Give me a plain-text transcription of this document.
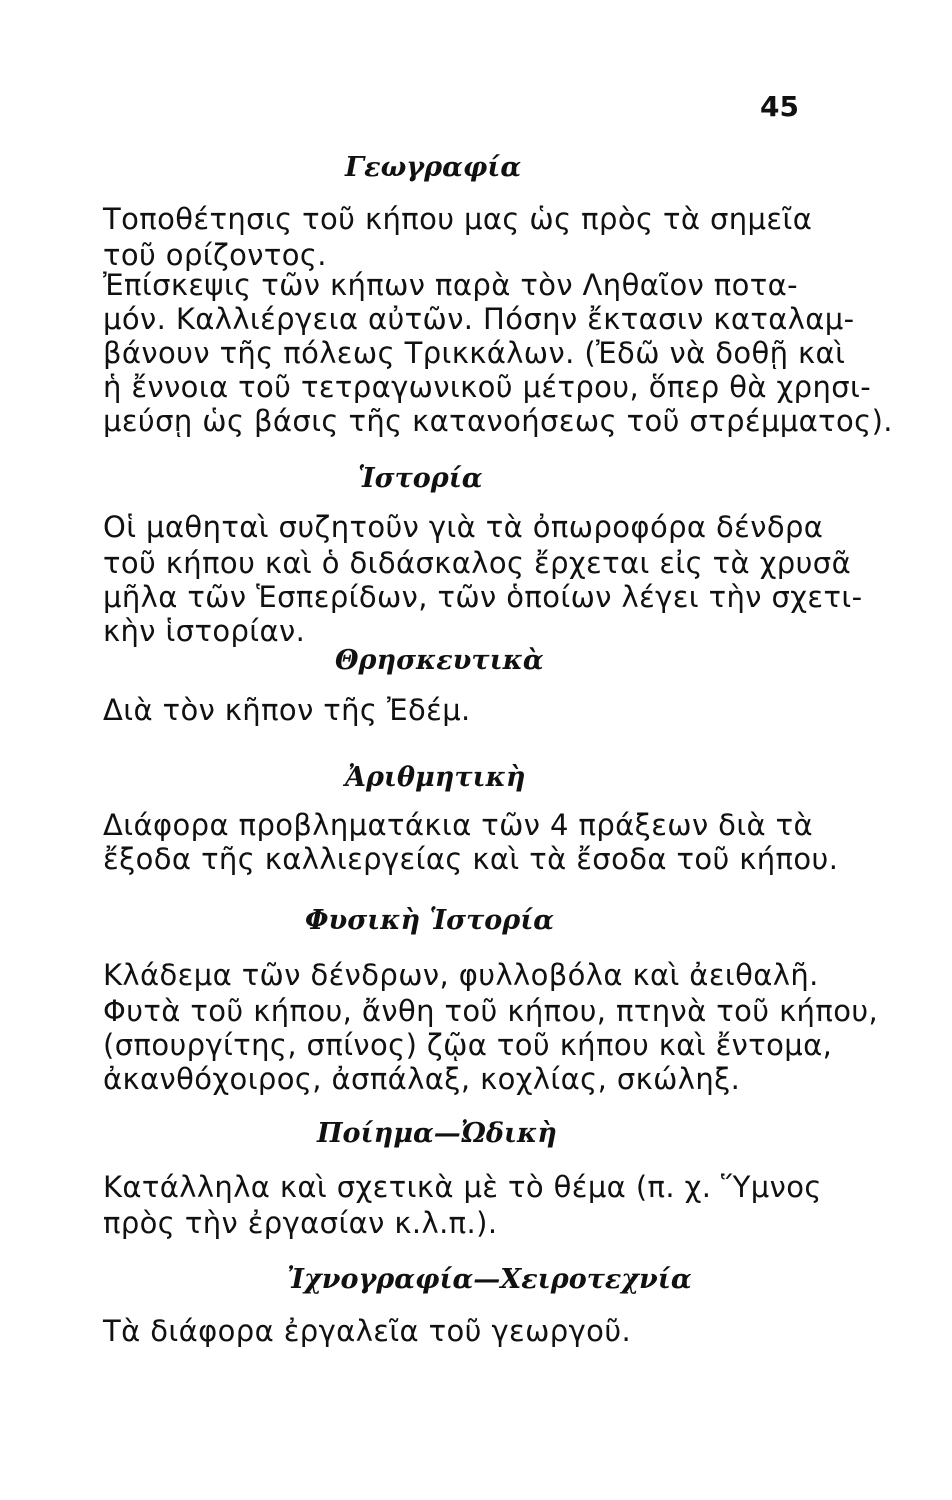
45
Γεωγραφία
Τοποθέτησις τοῦ κήπου μας ὡς πρὸς τὰ σημεῖα
τοῦ ορίζοντος.
Ἐπίσκεψις τῶν κήπων παρὰ τὸν Ληθαῖον ποτα-
μόν. Καλλιέργεια αὐτῶν. Πόσην ἔκτασιν καταλαμ-
βάνουν τῆς πόλεως Τρικκάλων. (Ἐδῶ νὰ δοθῇ καὶ
ἡ ἔννοια τοῦ τετραγωνικοῦ μέτρου, ὅπερ θὰ χρησι-
μεύσῃ ὡς βάσις τῆς κατανοήσεως τοῦ στρέμματος).
Ἱστορία
Οἱ μαθηταὶ συζητοῦν γιὰ τὰ ὀπωροφόρα δένδρα
τοῦ κήπου καὶ ὁ διδάσκαλος ἔρχεται εἰς τὰ χρυσᾶ
μῆλα τῶν Ἑσπερίδων, τῶν ὁποίων λέγει τὴν σχετι-
κὴν ἱστορίαν.
Θρησκευτικὰ
Διὰ τὸν κῆπον τῆς Ἐδέμ.
Ἀριθμητικὴ
Διάφορα προβληματάκια τῶν 4 πράξεων διὰ τὰ
ἔξοδα τῆς καλλιεργείας καὶ τὰ ἔσοδα τοῦ κήπου.
Φυσικὴ Ἱστορία
Κλάδεμα τῶν δένδρων, φυλλοβόλα καὶ ἀειθαλῆ.
Φυτὰ τοῦ κήπου, ἄνθη τοῦ κήπου, πτηνὰ τοῦ κήπου,
(σπουργίτης, σπίνος) ζῷα τοῦ κήπου καὶ ἔντομα,
ἀκανθόχοιρος, ἀσπάλαξ, κοχλίας, σκώληξ.
Ποίημα—Ὠδικὴ
Κατάλληλα καὶ σχετικὰ μὲ τὸ θέμα (π. χ. Ὕμνος
πρὸς τὴν ἐργασίαν κ.λ.π.).
Ἰχνογραφία—Χειροτεχνία
Τὰ διάφορα ἐργαλεῖα τοῦ γεωργοῦ.
